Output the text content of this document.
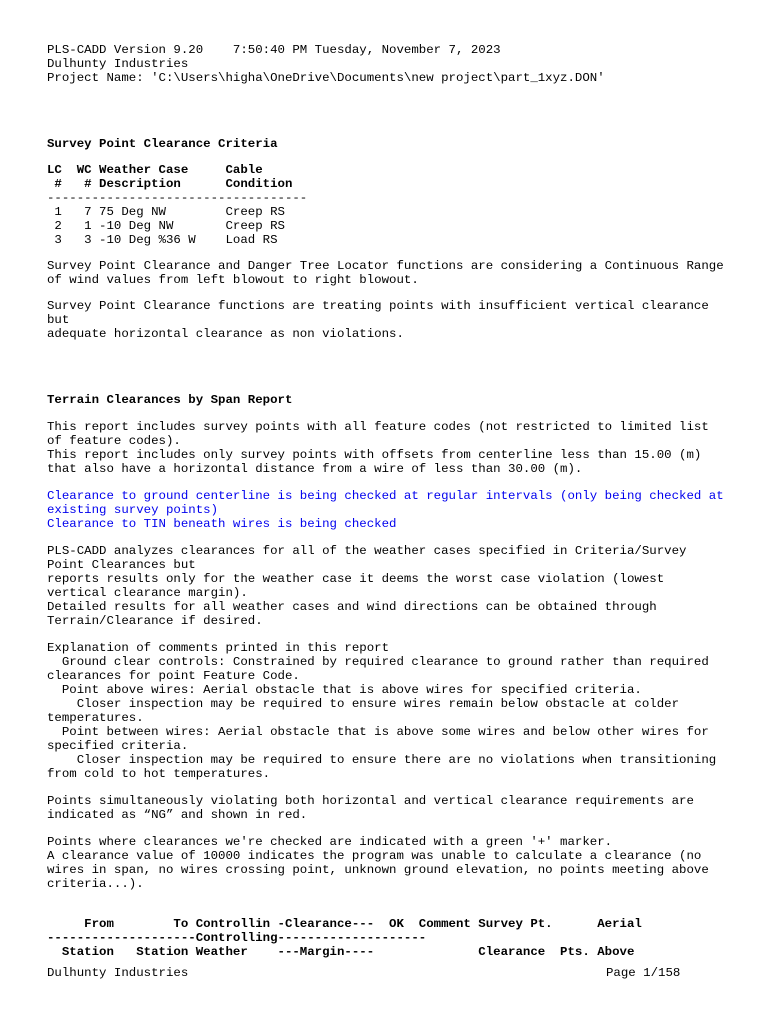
PLS-CADD Version 9.20    7:50:40 PM Tuesday, November 7, 2023
Dulhunty Industries
Project Name: 'C:\Users\higha\OneDrive\Documents\new project\part_1xyz.DON'
Survey Point Clearance Criteria
LC  WC Weather Case     Cable
#   # Description      Condition
-----------------------------------
1   7 75 Deg NW        Creep RS
2   1 -10 Deg NW       Creep RS
3   3 -10 Deg %36 W    Load RS
Survey Point Clearance and Danger Tree Locator functions are considering a Continuous Range
of wind values from left blowout to right blowout.
Survey Point Clearance functions are treating points with insufficient vertical clearance but
adequate horizontal clearance as non violations.
Terrain Clearances by Span Report
This report includes survey points with all feature codes (not restricted to limited list of feature codes).
This report includes only survey points with offsets from centerline less than 15.00 (m) that also have a horizontal distance from a wire of less than 30.00 (m).
Clearance to ground centerline is being checked at regular intervals (only being checked at existing survey points)
Clearance to TIN beneath wires is being checked
PLS-CADD analyzes clearances for all of the weather cases specified in Criteria/Survey Point Clearances but
reports results only for the weather case it deems the worst case violation (lowest vertical clearance margin).
Detailed results for all weather cases and wind directions can be obtained through Terrain/Clearance if desired.
Explanation of comments printed in this report
Ground clear controls: Constrained by required clearance to ground rather than required clearances for point Feature Code.
Point above wires: Aerial obstacle that is above wires for specified criteria.
Closer inspection may be required to ensure wires remain below obstacle at colder temperatures.
Point between wires: Aerial obstacle that is above some wires and below other wires for specified criteria.
Closer inspection may be required to ensure there are no violations when transitioning from cold to hot temperatures.
Points simultaneously violating both horizontal and vertical clearance requirements are indicated as “NG” and shown in red.
Points where clearances we're checked are indicated with a green '+' marker.
A clearance value of 10000 indicates the program was unable to calculate a clearance (no wires in span, no wires crossing point, unknown ground elevation, no points meeting above criteria...).
From        To Controllin -Clearance---  OK  Comment Survey Pt.      Aerial
--------------------Controlling--------------------
Station   Station Weather    ---Margin----              Clearance  Pts. Above
Dulhunty Industries	Page 1/158
